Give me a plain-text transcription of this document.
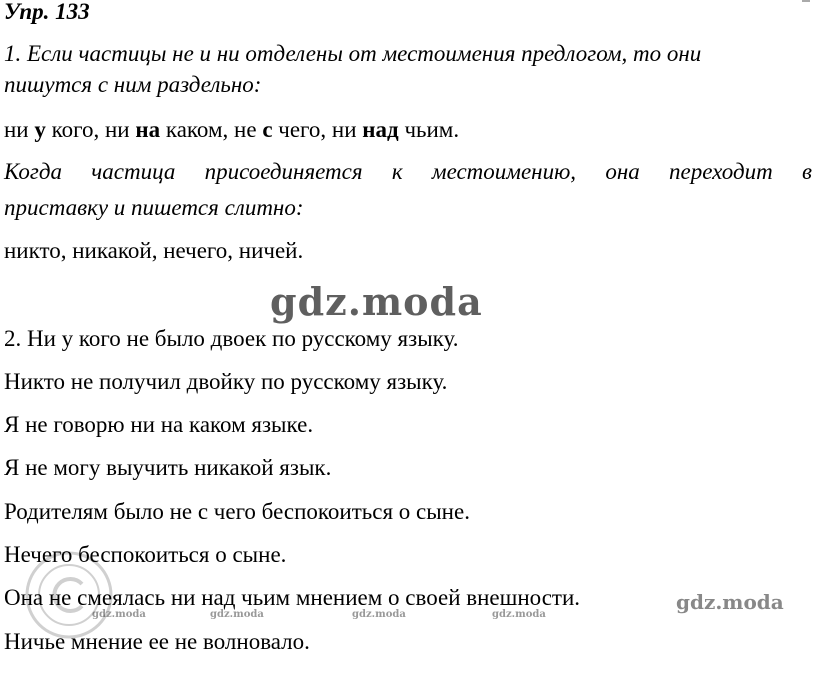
Упр. 133
1. Если частицы не и ни отделены от местоимения предлогом, то они
пишутся с ним раздельно:
ни у кого, ни на каком, не с чего, ни над чьим.
Когда частица присоединяется к местоимению, она переходит в
приставку и пишется слитно:
никто, никакой, нечего, ничей.
gdz.moda
2. Ни у кого не было двоек по русскому языку.
Никто не получил двойку по русскому языку.
Я не говорю ни на каком языке.
Я не могу выучить никакой язык.
Родителям было не с чего беспокоиться о сыне.
Нечего беспокоиться о сыне.
Она не смеялась ни над чьим мнением о своей внешности.
Ничье мнение ее не волновало.
gdz.moda	gdz.moda	gdz.moda	gdz.moda
gdz.moda
